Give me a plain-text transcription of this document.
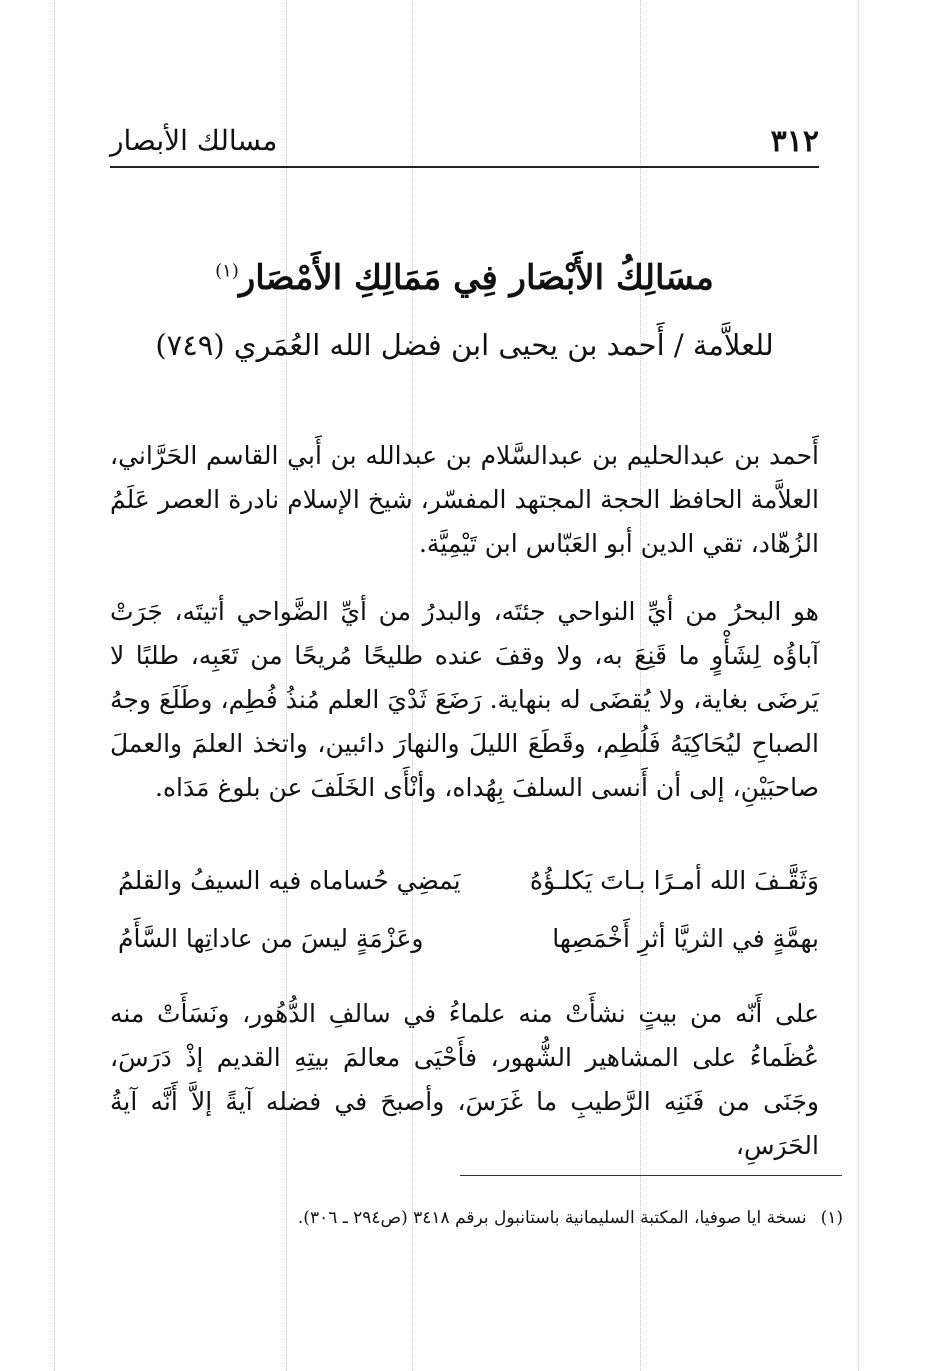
٣١٢
مسالك الأبصار
مسَالِكُ الأَبْصَار فِي مَمَالِكِ الأَمْصَار$^{(١)}$
للعلاَّمة / أَحمد بن يحيى ابن فضل الله العُمَري (٧٤٩)

أَحمد بن عبدالحليم بن عبدالسَّلام بن عبدالله بن أَبي القاسم الحَرَّاني، العلاَّمة الحافظ الحجة المجتهد المفسّر، شيخ الإسلام نادرة العصر عَلَمُ الزُهّاد، تقي الدين أبو العَبّاس ابن تَيْمِيَّة.

هو البحرُ من أيِّ النواحي جئتَه، والبدرُ من أيِّ الضَّواحي أتيتَه، جَرَتْ آباؤُه لِشَأْوٍ ما قَنِعَ به، ولا وقفَ عنده طليحًا مُريحًا من تَعَبِه، طلبًا لا يَرضَى بغاية، ولا يُقضَى له بنهاية. رَضَعَ ثَدْيَ العلم مُنذُ فُطِم، وطَلَعَ وجهُ الصباحِ ليُحَاكِيَهُ فَلُطِم، وقَطَعَ الليلَ والنهارَ دائبين، واتخذ العلمَ والعملَ صاحبَيْنِ، إلى أن أَنسى السلفَ بِهُداه، وأنْأَى الخَلَفَ عن بلوغ مَدَاه.

وَثَقَّـفَ الله أمـرًا بـاتَ يَكلـؤُهُ
يَمضِي حُساماه فيه السيفُ والقلمُ
بهمَّةٍ في الثريَّا أثرِ أَخْمَصِها
وعَزْمَةٍ ليسَ من عاداتِها السَّأَمُ

على أَنّه من بيتٍ نشأَتْ منه علماءُ في سالفِ الدُّهُور، ونَسَأَتْ منه عُظَماءُ على المشاهير الشُّهور، فأَحْيَى معالمَ بيتِهِ القديم إذْ دَرَسَ، وجَنَى من فَنَنِه الرَّطيبِ ما غَرَسَ، وأصبحَ في فضله آيةً إلاَّ أَنَّه آيةُ الحَرَسِ،

(١)نسخة ايا صوفيا، المكتبة السليمانية باستانبول برقم ٣٤١٨ (ص٢٩٤ ـ ٣٠٦).
